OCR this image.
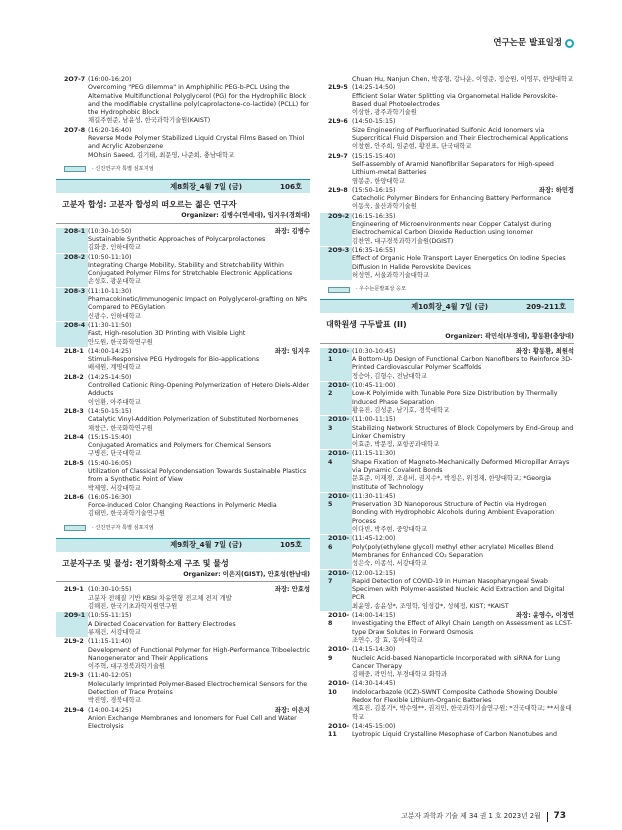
연구논문 발표일정
2O7-7 (16:00-16:20)
Overcoming "PEG dilemma" in Amphiphilic PEG-b-PCL Using the Alternative Multifunctional Polyglycerol (PG) for the Hydrophilic Block and the modifiable crystalline poly(caprolactone-co-lactide) (PCLL) for the Hydrophobic Block
채길주현준, 남윤성, 한국과학기술원(KAIST)
2O7-8 (16:20-16:40)
Reverse Mode Polymer Stabilized Liquid Crystal Films Based on Thiol and Acrylic Azobenzene
MOhsin Saeed, 김기태, 최문영, 나준희, 충남대학교
· 신진연구자 특별 심포지엄
제8회장_4월 7일 (금)	106호
고분자 합성: 고분자 합성의 떠오르는 젊은 연구자
Organizer: 김병수(연세대), 임지우(경희대)
2O8-1 (10:30-10:50)	좌장: 김병수
Sustainable Synthetic Approaches of Polycarprolactones
김화중, 인하대학교
2O8-2 (10:50-11:10)
Integrating Charge Mobility, Stability and Stretchability Within Conjugated Polymer Films for Stretchable Electronic Applications
손성호, 광운대학교
2O8-3 (11:10-11:30)
Phamacokinetic/Immunogenic Impact on Polyglycerol-grafting on NPs Compared to PEGylation
신광수, 인하대학교
2O8-4 (11:30-11:50)
Fast, High-resolution 3D Printing with Visible Light
안도원, 한국화학연구원
2L8-1 (14:00-14:25)	좌장: 임지우
Stimuli-Responsive PEG Hydrogels for Bio-applications
배세원, 계명대학교
2L8-2 (14:25-14:50)
Controlled Cationic Ring-Opening Polymerization of Hetero Diels-Alder Adducts
이인환, 아주대학교
2L8-3 (14:50-15:15)
Catalytic Vinyl-Addition Polymerization of Substituted Norbornenes
채창근, 한국화학연구원
2L8-4 (15:15-15:40)
Conjugated Aromatics and Polymers for Chemical Sensors
구병진, 단국대학교
2L8-5 (15:40-16:05)
Utilization of Classical Polycondensation Towards Sustainable Plastics from a Synthetic Point of View
박제영, 서강대학교
2L8-6 (16:05-16:30)
Force-induced Color Changing Reactions in Polymeric Media
김태민, 한국과학기술연구원
· 신진연구자 특별 심포지엄
제9회장_4월 7일 (금)	105호
고분자구조 및 물성: 전기화학소재 구조 및 물성
Organizer: 이은지(GIST), 안효성(한남대)
2L9-1 (10:30-10:55)	좌장: 안효성
고분자 전해질 기반 KBSI 차유연형 전고체 전지 개발
김해진, 한국기초과학지원연구원
2O9-1 (10:55-11:15)
A Directed Coacervation for Battery Electrodes
류재건, 서강대학교
2L9-2 (11:15-11:40)
Development of Functional Polymer for High-Performance Triboelectric Nanogenerator and Their Applications
이주혁, 대구경북과학기술원
2L9-3 (11:40-12:05)
Molecularly Imprinted Polymer-Based Electrochemical Sensors for the Detection of Trace Proteins
박진영, 경북대학교
2L9-4 (14:00-14:25)	좌장: 이은지
Anion Exchange Membranes and Ionomers for Fuel Cell and Water Electrolysis
Chuan Hu, Nanjun Chen, 박종형, 강나운, 이영준, 정승원, 이영무, 한양대학교
2L9-5 (14:25-14:50)
Efficient Solar Water Splitting via Organometal Halide Perovskite-Based dual Photoelectrodes
이상한, 광주과학기술원
2L9-6 (14:50-15:15)
Size Engineering of Perfluorinated Sulfonic Acid Ionomers via Supercritical Fluid Dispersion and Their Electrochemical Applications
이창현, 안주희, 임준현, 황진표, 단국대학교
2L9-7 (15:15-15:40)
Self-assembly of Aramid Nanofibrillar Separators for High-speed Lithium-metal Batteries
염봉준, 한양대학교
2L9-8 (15:50-16:15)	좌장: 하민정
Catecholic Polymer Binders for Enhancing Battery Performance
이동욱, 울산과학기술원
2O9-2 (16:15-16:35)
Engineering of Microenvironments near Copper Catalyst during Electrochemical Carbon Dioxide Reduction using Ionomer
김찬연, 대구경북과학기술원(DGIST)
2O9-3 (16:35-16:55)
Effect of Organic Hole Transport Layer Energetics On Iodine Species Diffusion In Halide Perovskite Devices
허성연, 서울과학기술대학교
· 우수논문발표상 응모
제10회장_4월 7일 (금)	209-211호
대학원생 구두발표 (II)
Organizer: 곽민석(부경대), 황동환(충양대)
2O10-1
(10:30-10:45)	좌장: 황동환, 최원석
A Bottom-Up Design of Functional Carbon Nanofibers to Reinforce 3D-Printed Cardiovascular Polymer Scaffolds
정승아, 김형수, 전남대학교
2O10-2
(10:45-11:00)
Low-K Polyimide with Tunable Pore Size Distribution by Thermally Induced Phase Separation
황유진, 김성준, 남기호, 경북대학교
2O10-3
(11:00-11:15)
Stabilizing Network Structures of Block Copolymers by End-Group and Linker Chemistry
이효준, 박문정, 포항공과대학교
2O10-4
(11:15-11:30)
Shape Fixation of Magneto-Mechanically Deformed Micropillar Arrays via Dynamic Covalent Bonds
문효준, 이재경, 조용비, 권지수*, 박정은, 위정재, 한양대학교; *Georgia Institute of Technology
2O10-5
(11:30-11:45)
Preservation 3D Nanoporous Structure of Pectin via Hydrogen Bonding with Hydrophobic Alcohols during Ambient Evaporation Process
이다빈, 박주현, 중앙대학교
2O10-6
(11:45-12:00)
Poly(poly(ethylene glycol) methyl ether acrylate) Micelles Blend Membranes for Enhanced CO₂ Separation
성은숙, 이종석, 서강대학교
2O10-7
(12:00-12:15)
Rapid Detection of COVID-19 in Human Nasopharyngeal Swab Specimen with Polymer-assisted Nucleic Acid Extraction and Digital PCR
최윤영, 송윤성*, 조영학, 임성갑*, 성혜정, KIST; *KAIST
2O10-8
(14:00-14:15)	좌장: 윤영수, 이정연
Investigating the Effect of Alkyl Chain Length on Assessment as LCST-type Draw Solutes in Forward Osmosis
조연수, 강 효, 동아대학교
2O10-9
(14:15-14:30)
Nucleic Acid-based Nanoparticle Incorporated with siRNA for Lung Cancer Therapy
김해중, 곽민석, 부경대학교 화학과
2O10-10
(14:30-14:45)
Indolocarbazole (ICZ)-SWNT Composite Cathode Showing Double Redox for Flexible Lithium-Organic Batteries
계효진, 김봉기*, 박수영**, 권지민, 한국과학기술연구원; *건국대학교; **서울대학교
2O10-11
(14:45-15:00)
Lyotropic Liquid Crystalline Mesophase of Carbon Nanotubes and
고분자 과학과 기술 제 34 권 1 호 2023년 2월 73
